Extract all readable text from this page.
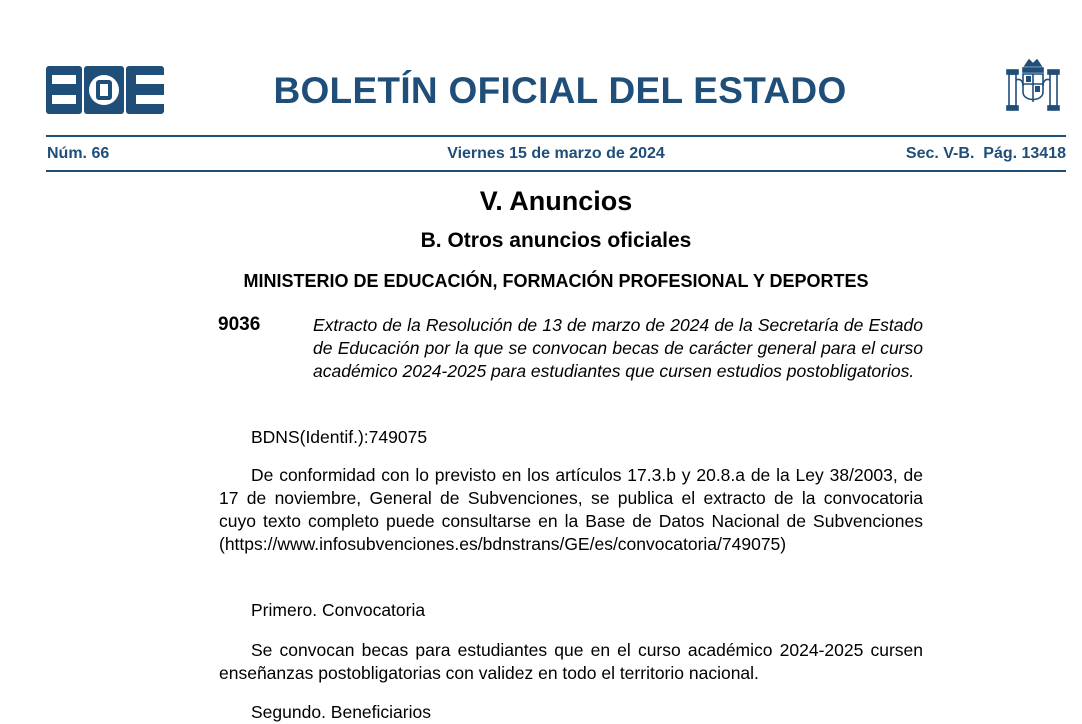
BOLETÍN OFICIAL DEL ESTADO
Núm. 66	Viernes 15 de marzo de 2024	Sec. V-B.  Pág. 13418
V. Anuncios
B. Otros anuncios oficiales
MINISTERIO DE EDUCACIÓN, FORMACIÓN PROFESIONAL Y DEPORTES
9036	Extracto de la Resolución de 13 de marzo de 2024 de la Secretaría de Estado de Educación por la que se convocan becas de carácter general para el curso académico 2024-2025 para estudiantes que cursen estudios postobligatorios.
BDNS(Identif.):749075
De conformidad con lo previsto en los artículos 17.3.b y 20.8.a de la Ley 38/2003, de 17 de noviembre, General de Subvenciones, se publica el extracto de la convocatoria cuyo texto completo puede consultarse en la Base de Datos Nacional de Subvenciones (https://www.infosubvenciones.es/bdnstrans/GE/es/convocatoria/749075)
Primero. Convocatoria
Se convocan becas para estudiantes que en el curso académico 2024-2025 cursen enseñanzas postobligatorias con validez en todo el territorio nacional.
Segundo. Beneficiarios
